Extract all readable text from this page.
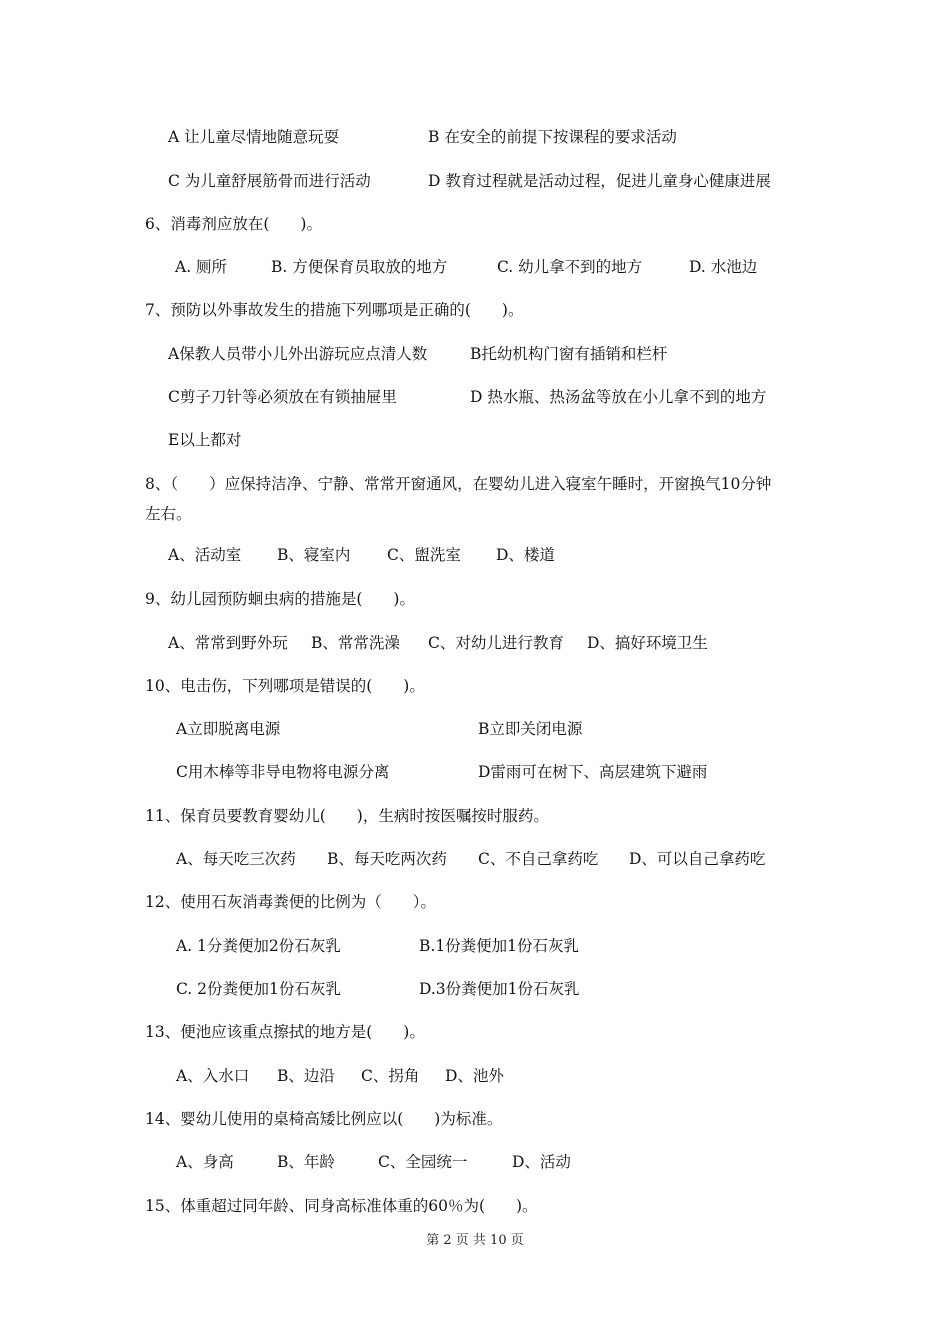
A 让儿童尽情地随意玩耍	B 在安全的前提下按课程的要求活动
C 为儿童舒展筋骨而进行活动	D 教育过程就是活动过程，促进儿童身心健康进展
6、消毒剂应放在(　　)。
A. 厕所	B. 方便保育员取放的地方	C. 幼儿拿不到的地方	D. 水池边
7、预防以外事故发生的措施下列哪项是正确的(　　)。
A保教人员带小儿外出游玩应点清人数	B托幼机构门窗有插销和栏杆
C剪子刀针等必须放在有锁抽屉里	D 热水瓶、热汤盆等放在小儿拿不到的地方
E以上都对
8、（　　）应保持洁净、宁静、常常开窗通风，在婴幼儿进入寝室午睡时，开窗换气10分钟
左右。
A、活动室 B、寝室内 C、盥洗室 D、楼道
9、幼儿园预防蛔虫病的措施是(　　)。
A、常常到野外玩 B、常常洗澡 C、对幼儿进行教育 D、搞好环境卫生
10、电击伤，下列哪项是错误的(　　)。
A立即脱离电源	B立即关闭电源
C用木棒等非导电物将电源分离	D雷雨可在树下、高层建筑下避雨
11、保育员要教育婴幼儿(　　)，生病时按医嘱按时服药。
A、每天吃三次药 B、每天吃两次药 C、不自己拿药吃 D、可以自己拿药吃
12、使用石灰消毒粪便的比例为（　　）。
A. 1分粪便加2份石灰乳	B.1份粪便加1份石灰乳
C. 2份粪便加1份石灰乳	D.3份粪便加1份石灰乳
13、便池应该重点擦拭的地方是(　　)。
A、入水口 B、边沿 C、拐角 D、池外
14、婴幼儿使用的桌椅高矮比例应以(　　)为标准。
A、身高	B、年龄	C、全园统一	D、活动
15、体重超过同年龄、同身高标准体重的60％为(　　)。
第 2 页 共 10 页
